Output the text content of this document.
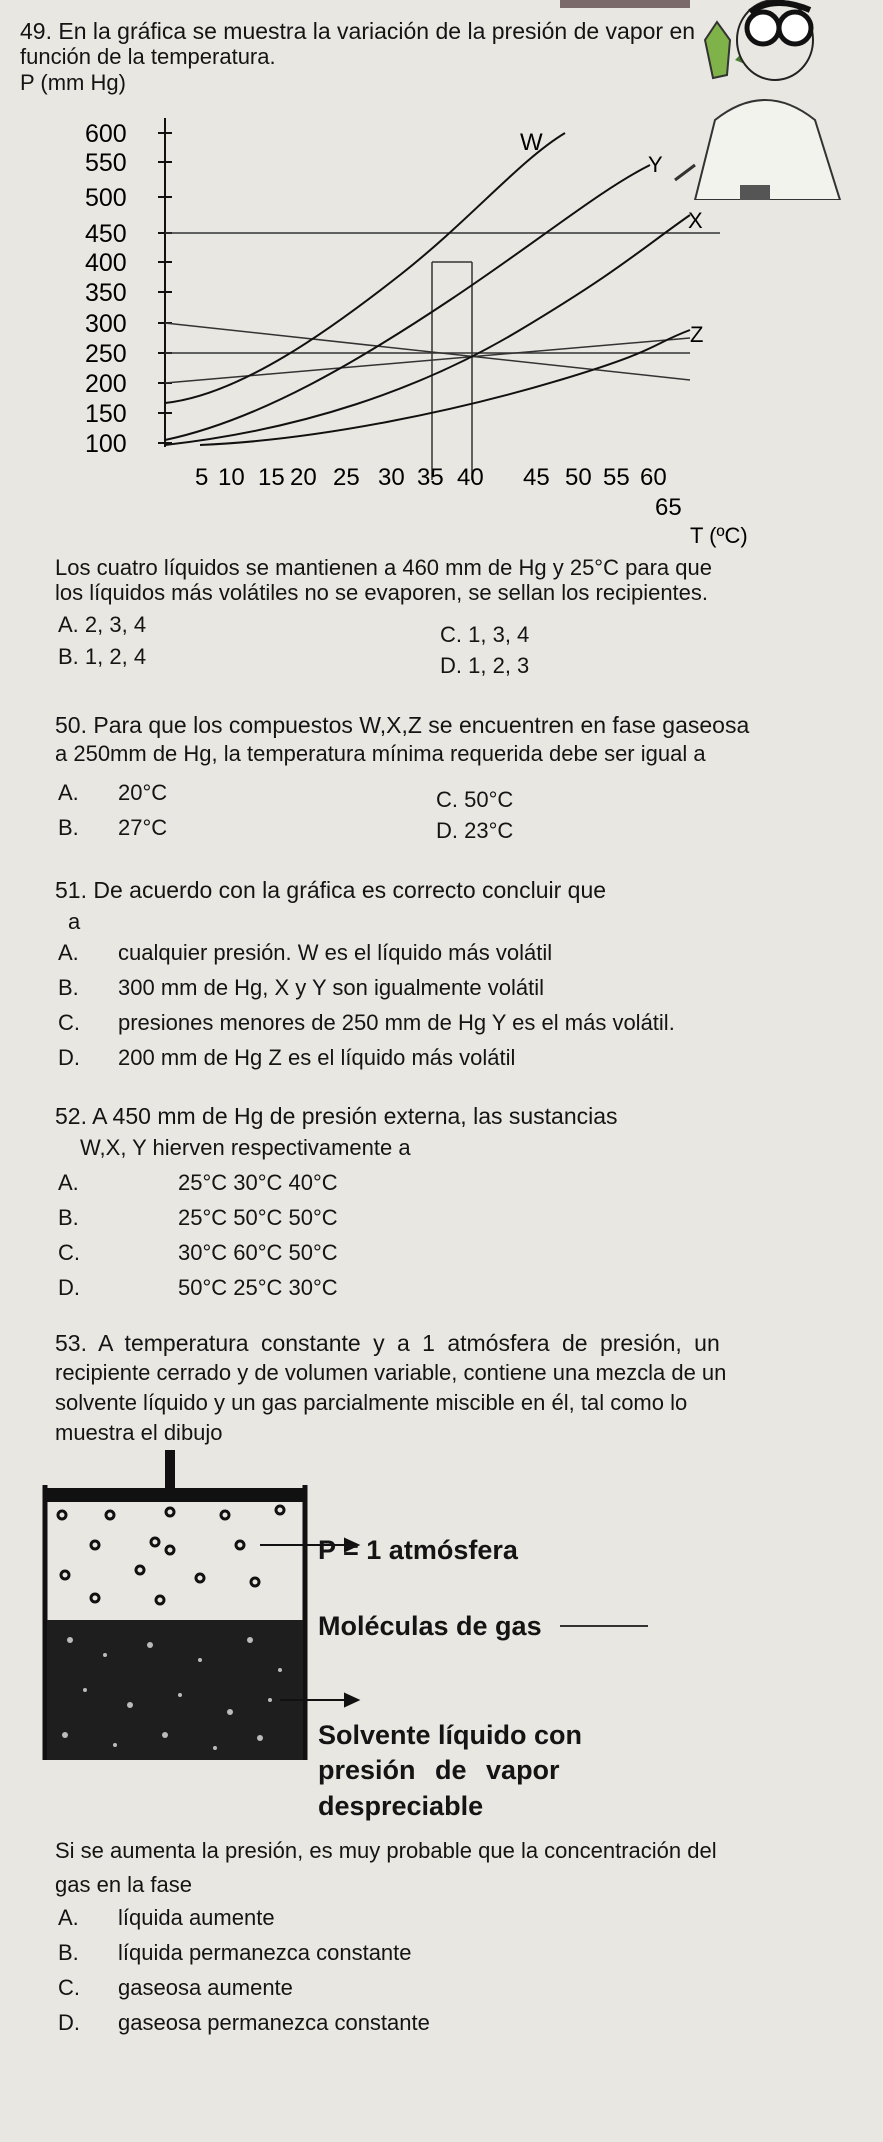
49. En la gráfica se muestra la variación de la presión de vapor en
función de la temperatura.
P (mm Hg)
600
550
500
450
400
350
300
250
200
150
100
W
Y
X
Z
5 10 15 20 25 30 35 40 45 50 55 60
65
T (ºC)
Los cuatro líquidos se mantienen a 460 mm de Hg y 25°C para que
los líquidos más volátiles no se evaporen, se sellan los recipientes.
A. 2, 3, 4
B. 1, 2, 4
C. 1, 3, 4
D. 1, 2, 3
50. Para que los compuestos W,X,Z se encuentren en fase gaseosa
a 250mm de Hg, la temperatura mínima requerida debe ser igual a
A. 20°C
B. 27°C
C. 50°C
D. 23°C
51. De acuerdo con la gráfica es correcto concluir que
a
A. cualquier presión. W es el líquido más volátil
B. 300 mm de Hg, X y Y son igualmente volátil
C. presiones menores de 250 mm de Hg Y es el más volátil.
D. 200 mm de Hg Z es el líquido más volátil
52. A 450 mm de Hg de presión externa, las sustancias
W,X, Y hierven respectivamente a
A.	25°C 30°C 40°C
B.	25°C 50°C 50°C
C.	30°C 60°C 50°C
D.	50°C 25°C 30°C
53. A temperatura constante y a 1 atmósfera de presión, un
recipiente cerrado y de volumen variable, contiene una mezcla de un
solvente líquido y un gas parcialmente miscible en él, tal como lo
muestra el dibujo
P = 1 atmósfera
Moléculas de gas
Solvente líquido con
presión de vapor
despreciable
Si se aumenta la presión, es muy probable que la concentración del
gas en la fase
A. líquida aumente
B. líquida permanezca constante
C. gaseosa aumente
D. gaseosa permanezca constante
